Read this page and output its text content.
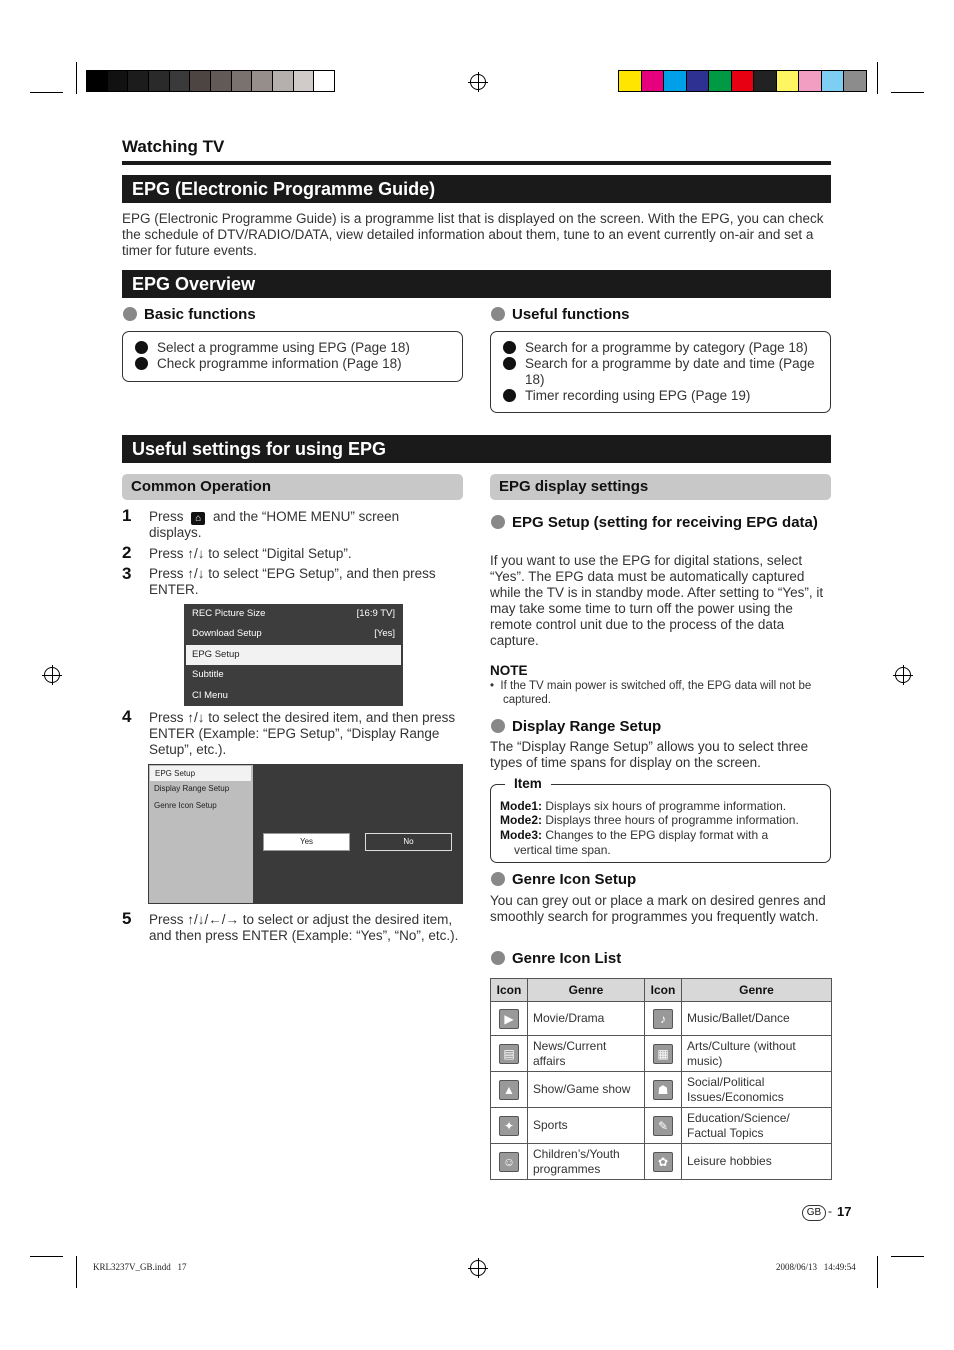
Watching TV
EPG (Electronic Programme Guide)
EPG (Electronic Programme Guide) is a programme list that is displayed on the screen. With the EPG, you can check the schedule of DTV/RADIO/DATA, view detailed information about them, tune to an event currently on-air and set a timer for future events.
EPG Overview
Basic functions
Select a programme using EPG (Page 18)
Check programme information (Page 18)
Useful functions
Search for a programme by category (Page 18)
Search for a programme by date and time (Page 18)
Timer recording using EPG (Page 19)
Useful settings for using EPG
Common Operation
1 Press ⌂ and the “HOME MENU” screen displays.
2 Press ↑/↓ to select “Digital Setup”.
3 Press ↑/↓ to select “EPG Setup”, and then press ENTER.
REC Picture Size	[16:9 TV]
Download Setup	[Yes]
EPG Setup
Subtitle
CI Menu
4 Press ↑/↓ to select the desired item, and then press ENTER (Example: “EPG Setup”, “Display Range Setup”, etc.).
EPG Setup
Display Range Setup
Genre Icon Setup
Yes	No
5 Press ↑/↓/←/→ to select or adjust the desired item, and then press ENTER (Example: “Yes”, “No”, etc.).
EPG display settings
EPG Setup (setting for receiving EPG data)
If you want to use the EPG for digital stations, select “Yes”. The EPG data must be automatically captured while the TV is in standby mode. After setting to “Yes”, it may take some time to turn off the power using the remote control unit due to the process of the data capture.
NOTE
•  If the TV main power is switched off, the EPG data will not be captured.
Display Range Setup
The “Display Range Setup” allows you to select three types of time spans for display on the screen.
Item
Mode1: Displays six hours of programme information.
Mode2: Displays three hours of programme information.
Mode3: Changes to the EPG display format with a vertical time span.
Genre Icon Setup
You can grey out or place a mark on desired genres and smoothly search for programmes you frequently watch.
Genre Icon List
Icon	Genre	Icon	Genre

▶	Movie/Drama	♪	Music/Ballet/Dance

▤	News/Current affairs	▦	Arts/Culture (without music)

▲	Show/Game show	☗	Social/Political Issues/Economics

✦	Sports	✎	Education/Science/ Factual Topics

☺	Children’s/Youth programmes	✿	Leisure hobbies
GB - 17
KRL3237V_GB.indd   17	2008/06/13   14:49:54
